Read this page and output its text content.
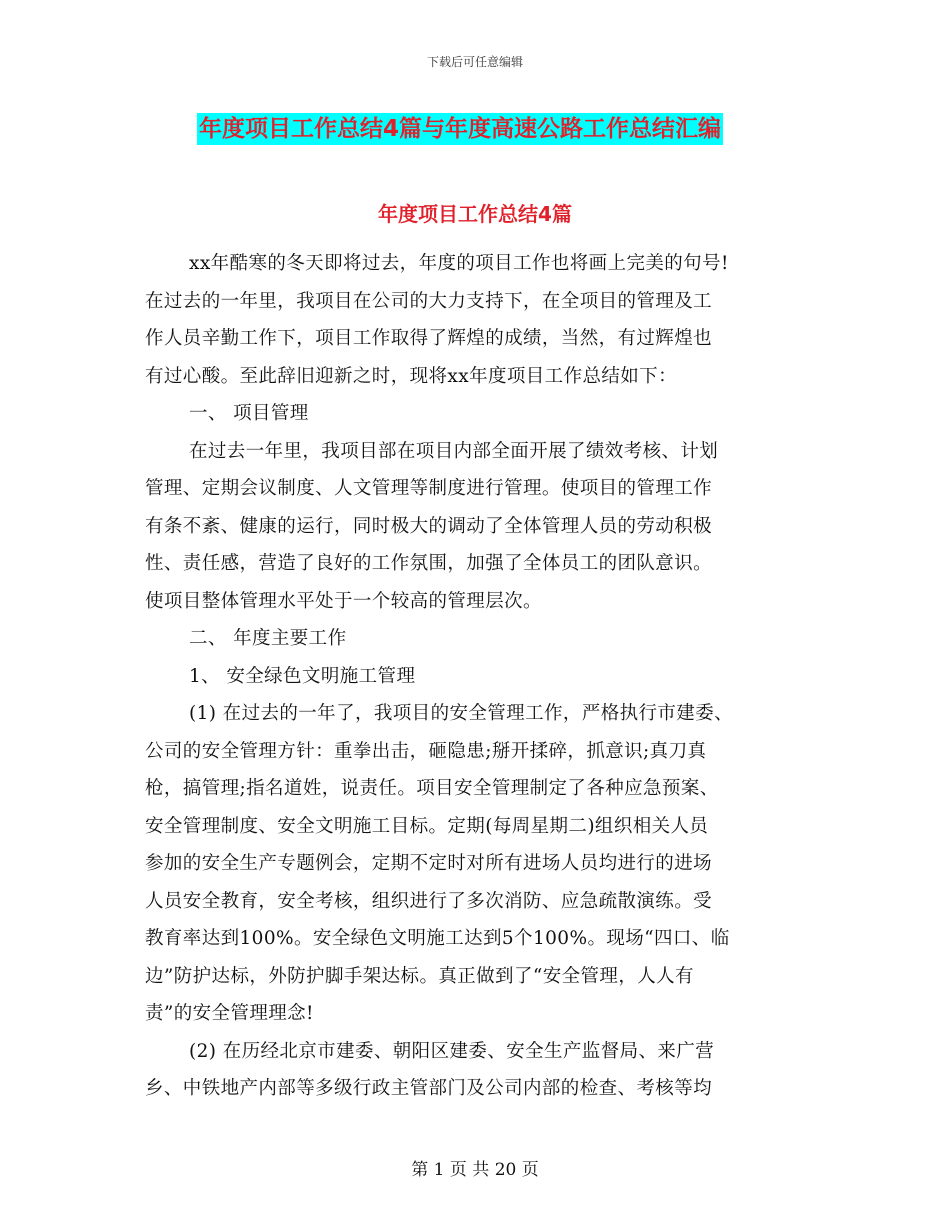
下载后可任意编辑
年度项目工作总结4篇与年度高速公路工作总结汇编
年度项目工作总结4篇
xx年酷寒的冬天即将过去，年度的项目工作也将画上完美的句号!
在过去的一年里，我项目在公司的大力支持下，在全项目的管理及工
作人员辛勤工作下，项目工作取得了辉煌的成绩，当然，有过辉煌也
有过心酸。至此辞旧迎新之时，现将xx年度项目工作总结如下：
一、 项目管理
在过去一年里，我项目部在项目内部全面开展了绩效考核、计划
管理、定期会议制度、人文管理等制度进行管理。使项目的管理工作
有条不紊、健康的运行，同时极大的调动了全体管理人员的劳动积极
性、责任感，营造了良好的工作氛围，加强了全体员工的团队意识。
使项目整体管理水平处于一个较高的管理层次。
二、 年度主要工作
1、 安全绿色文明施工管理
(1) 在过去的一年了，我项目的安全管理工作，严格执行市建委、
公司的安全管理方针：重拳出击，砸隐患;掰开揉碎，抓意识;真刀真
枪，搞管理;指名道姓，说责任。项目安全管理制定了各种应急预案、
安全管理制度、安全文明施工目标。定期(每周星期二)组织相关人员
参加的安全生产专题例会，定期不定时对所有进场人员均进行的进场
人员安全教育，安全考核，组织进行了多次消防、应急疏散演练。受
教育率达到100%。安全绿色文明施工达到5个100%。现场“四口、临
边”防护达标，外防护脚手架达标。真正做到了“安全管理，人人有
责”的安全管理理念!
(2) 在历经北京市建委、朝阳区建委、安全生产监督局、来广营
乡、中铁地产内部等多级行政主管部门及公司内部的检查、考核等均
第 1 页 共 20 页
